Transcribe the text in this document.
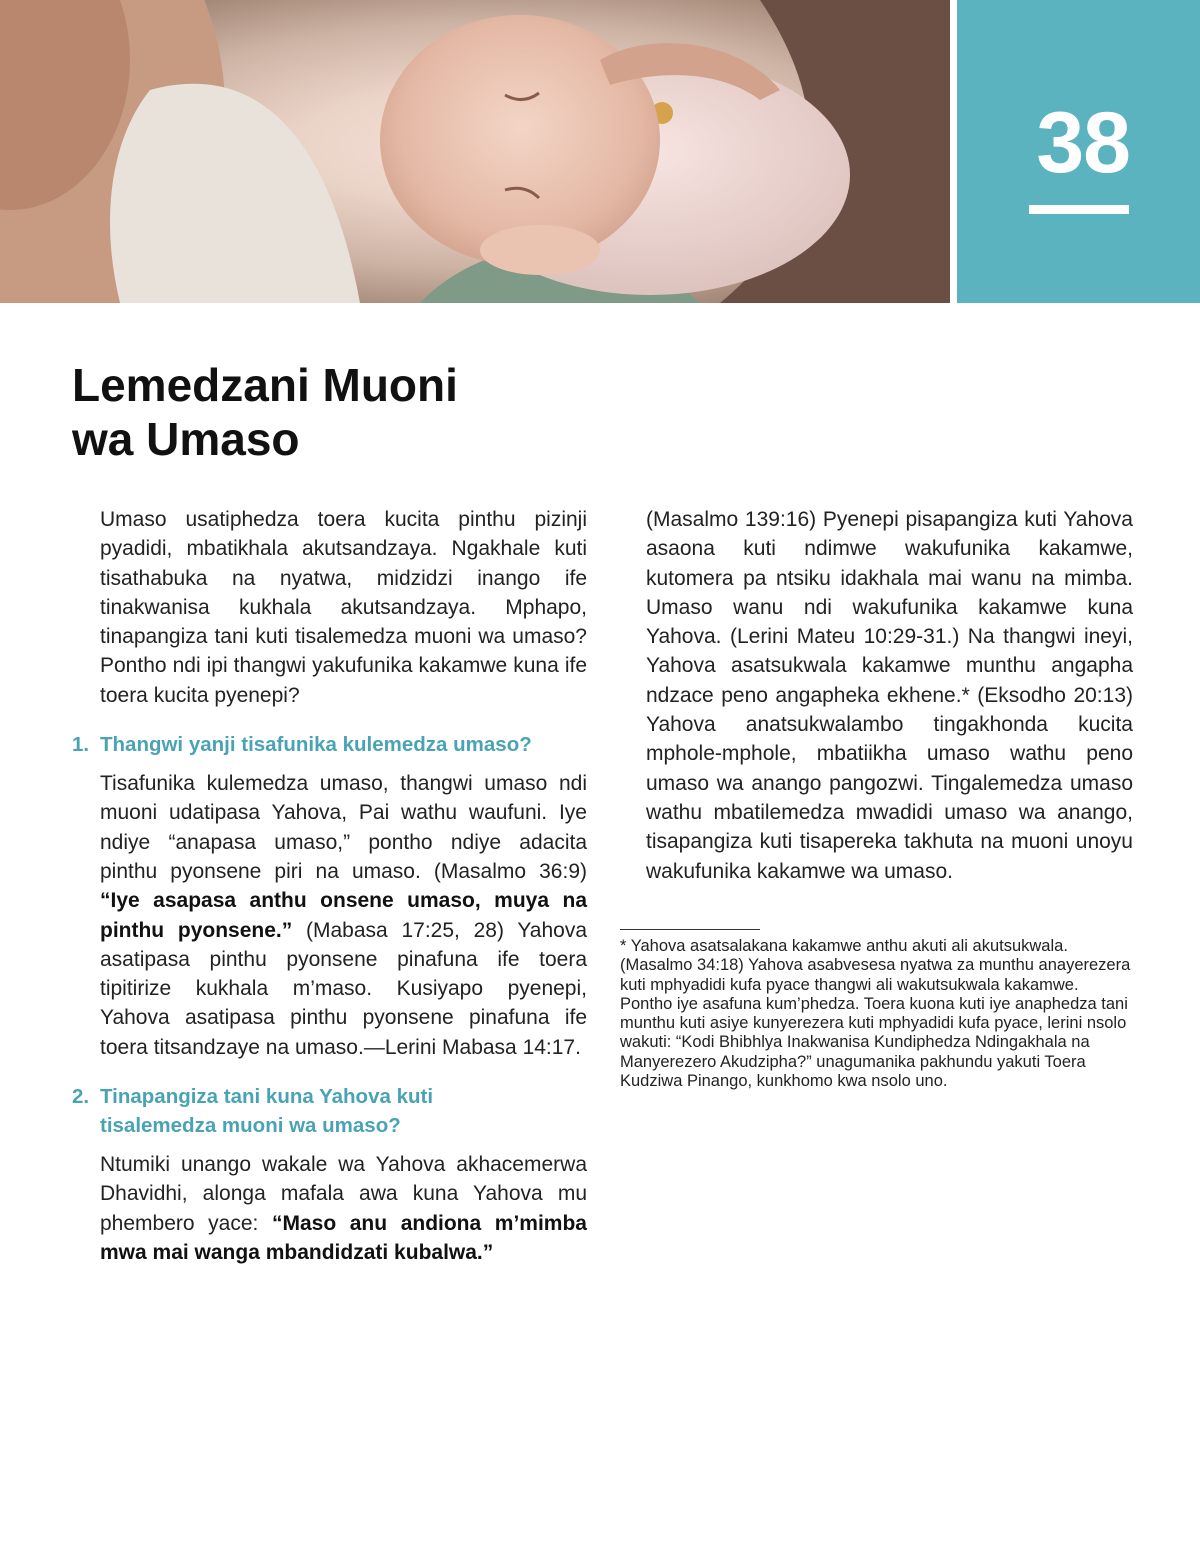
38
Lemedzani Muoni
wa Umaso

Umaso usatiphedza toera kucita pinthu pizinji pyadidi, mbatikhala akutsandzaya. Ngakhale kuti tisathabuka na nyatwa, midzidzi inango ife tinakwanisa kukhala akutsandzaya. Mphapo, tinapangiza tani kuti tisalemedza muoni wa umaso? Pontho ndi ipi thangwi yakufunika kakamwe kuna ife toera kucita pyenepi?

1. Thangwi yanji tisafunika kulemedza umaso?

Tisafunika kulemedza umaso, thangwi umaso ndi muoni udatipasa Yahova, Pai wathu waufuni. Iye ndiye “anapasa umaso,” pontho ndiye adacita pinthu pyonsene piri na umaso. (Masalmo 36:9) “Iye asapasa anthu onsene umaso, muya na pinthu pyonsene.” (Mabasa 17:25, 28) Yahova asatipasa pinthu pyonsene pinafuna ife toera tipitirize kukhala m’maso. Kusiyapo pyenepi, Yahova asatipasa pinthu pyonsene pinafuna ife toera titsandzaye na umaso.—Lerini Mabasa 14:17.

2. Tinapangiza tani kuna Yahova kuti
tisalemedza muoni wa umaso?

Ntumiki unango wakale wa Yahova akhacemerwa Dhavidhi, alonga mafala awa kuna Yahova mu phembero yace: “Maso anu andiona m’mimba mwa mai wanga mbandidzati kubalwa.”

(Masalmo 139:16) Pyenepi pisapangiza kuti Yahova asaona kuti ndimwe wakufunika kakamwe, kutomera pa ntsiku idakhala mai wanu na mimba. Umaso wanu ndi wakufunika kakamwe kuna Yahova. (Lerini Mateu 10:29-31.) Na thangwi ineyi, Yahova asatsukwala kakamwe munthu angapha ndzace peno angapheka ekhene.* (Eksodho 20:13) Yahova anatsukwalambo tingakhonda kucita mphole-mphole, mbatiikha umaso wathu peno umaso wa anango pangozwi. Tingalemedza umaso wathu mbatilemedza mwadidi umaso wa anango, tisapangiza kuti tisapereka takhuta na muoni unoyu wakufunika kakamwe wa umaso.

* Yahova asatsalakana kakamwe anthu akuti ali akutsukwala. (Masalmo 34:18) Yahova asabvesesa nyatwa za munthu anayerezera kuti mphyadidi kufa pyace thangwi ali wakutsukwala kakamwe. Pontho iye asafuna kum’phedza. Toera kuona kuti iye anaphedza tani munthu kuti asiye kunyerezera kuti mphyadidi kufa pyace, lerini nsolo wakuti: “Kodi Bhibhlya Inakwanisa Kundiphedza Ndingakhala na Manyerezero Akudzipha?” unagumanika pakhundu yakuti Toera Kudziwa Pinango, kunkhomo kwa nsolo uno.
